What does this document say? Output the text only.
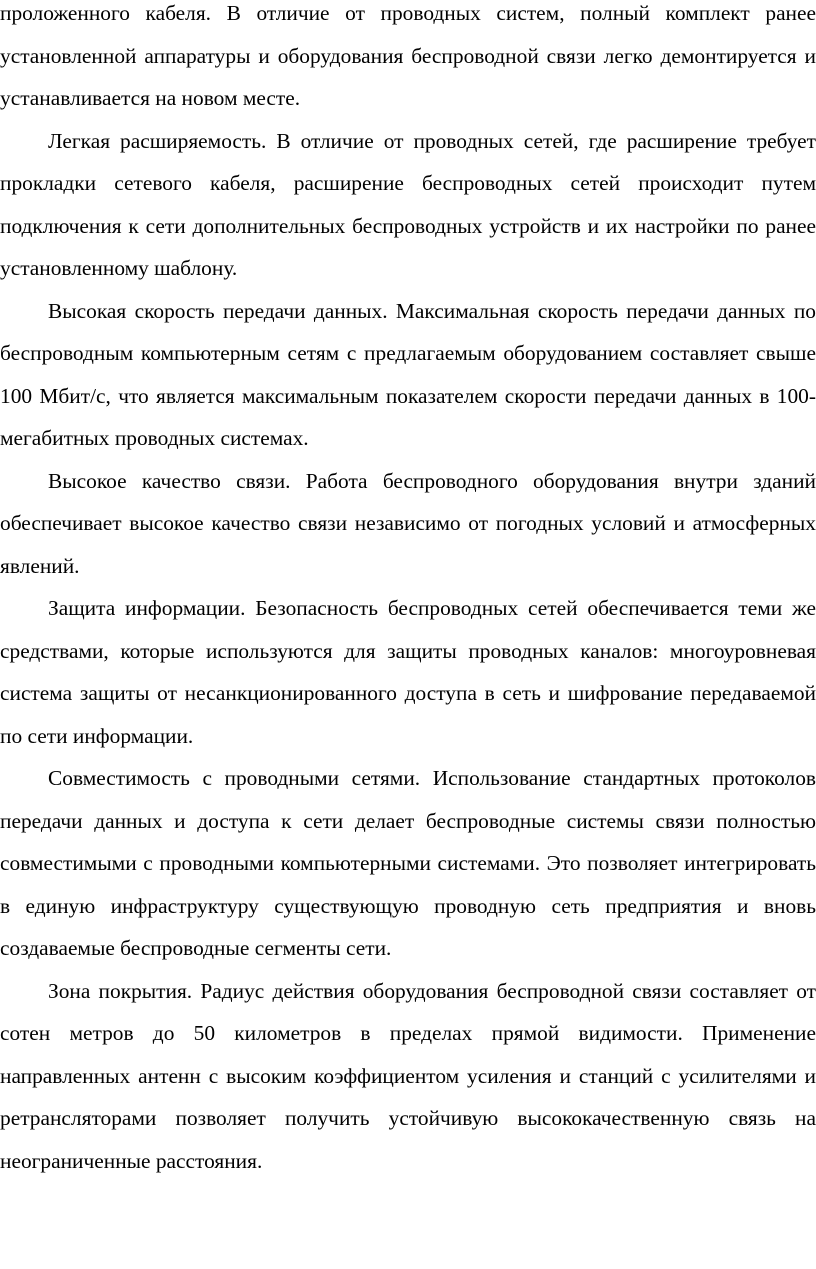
проложенного кабеля. В отличие от проводных систем, полный комплект ранее установленной аппаратуры и оборудования беспроводной связи легко демонтируется и устанавливается на новом месте.

Легкая расширяемость. В отличие от проводных сетей, где расширение требует прокладки сетевого кабеля, расширение беспроводных сетей происходит путем подключения к сети дополнительных беспроводных устройств и их настройки по ранее установленному шаблону.

Высокая скорость передачи данных. Максимальная скорость передачи данных по беспроводным компьютерным сетям с предлагаемым оборудованием составляет свыше 100 Мбит/с, что является максимальным показателем скорости передачи данных в 100- мегабитных проводных системах.

Высокое качество связи. Работа беспроводного оборудования внутри зданий обеспечивает высокое качество связи независимо от погодных условий и атмосферных явлений.

Защита информации. Безопасность беспроводных сетей обеспечивается теми же средствами, которые используются для защиты проводных каналов: многоуровневая система защиты от несанкционированного доступа в сеть и шифрование передаваемой по сети информации.

Совместимость с проводными сетями. Использование стандартных протоколов передачи данных и доступа к сети делает беспроводные системы связи полностью совместимыми с проводными компьютерными системами. Это позволяет интегрировать в единую инфраструктуру существующую проводную сеть предприятия и вновь создаваемые беспроводные сегменты сети.

Зона покрытия. Радиус действия оборудования беспроводной связи составляет от сотен метров до 50 километров в пределах прямой видимости. Применение направленных антенн с высоким коэффициентом усиления и станций с усилителями и ретрансляторами позволяет получить устойчивую высококачественную связь на неограниченные расстояния.
